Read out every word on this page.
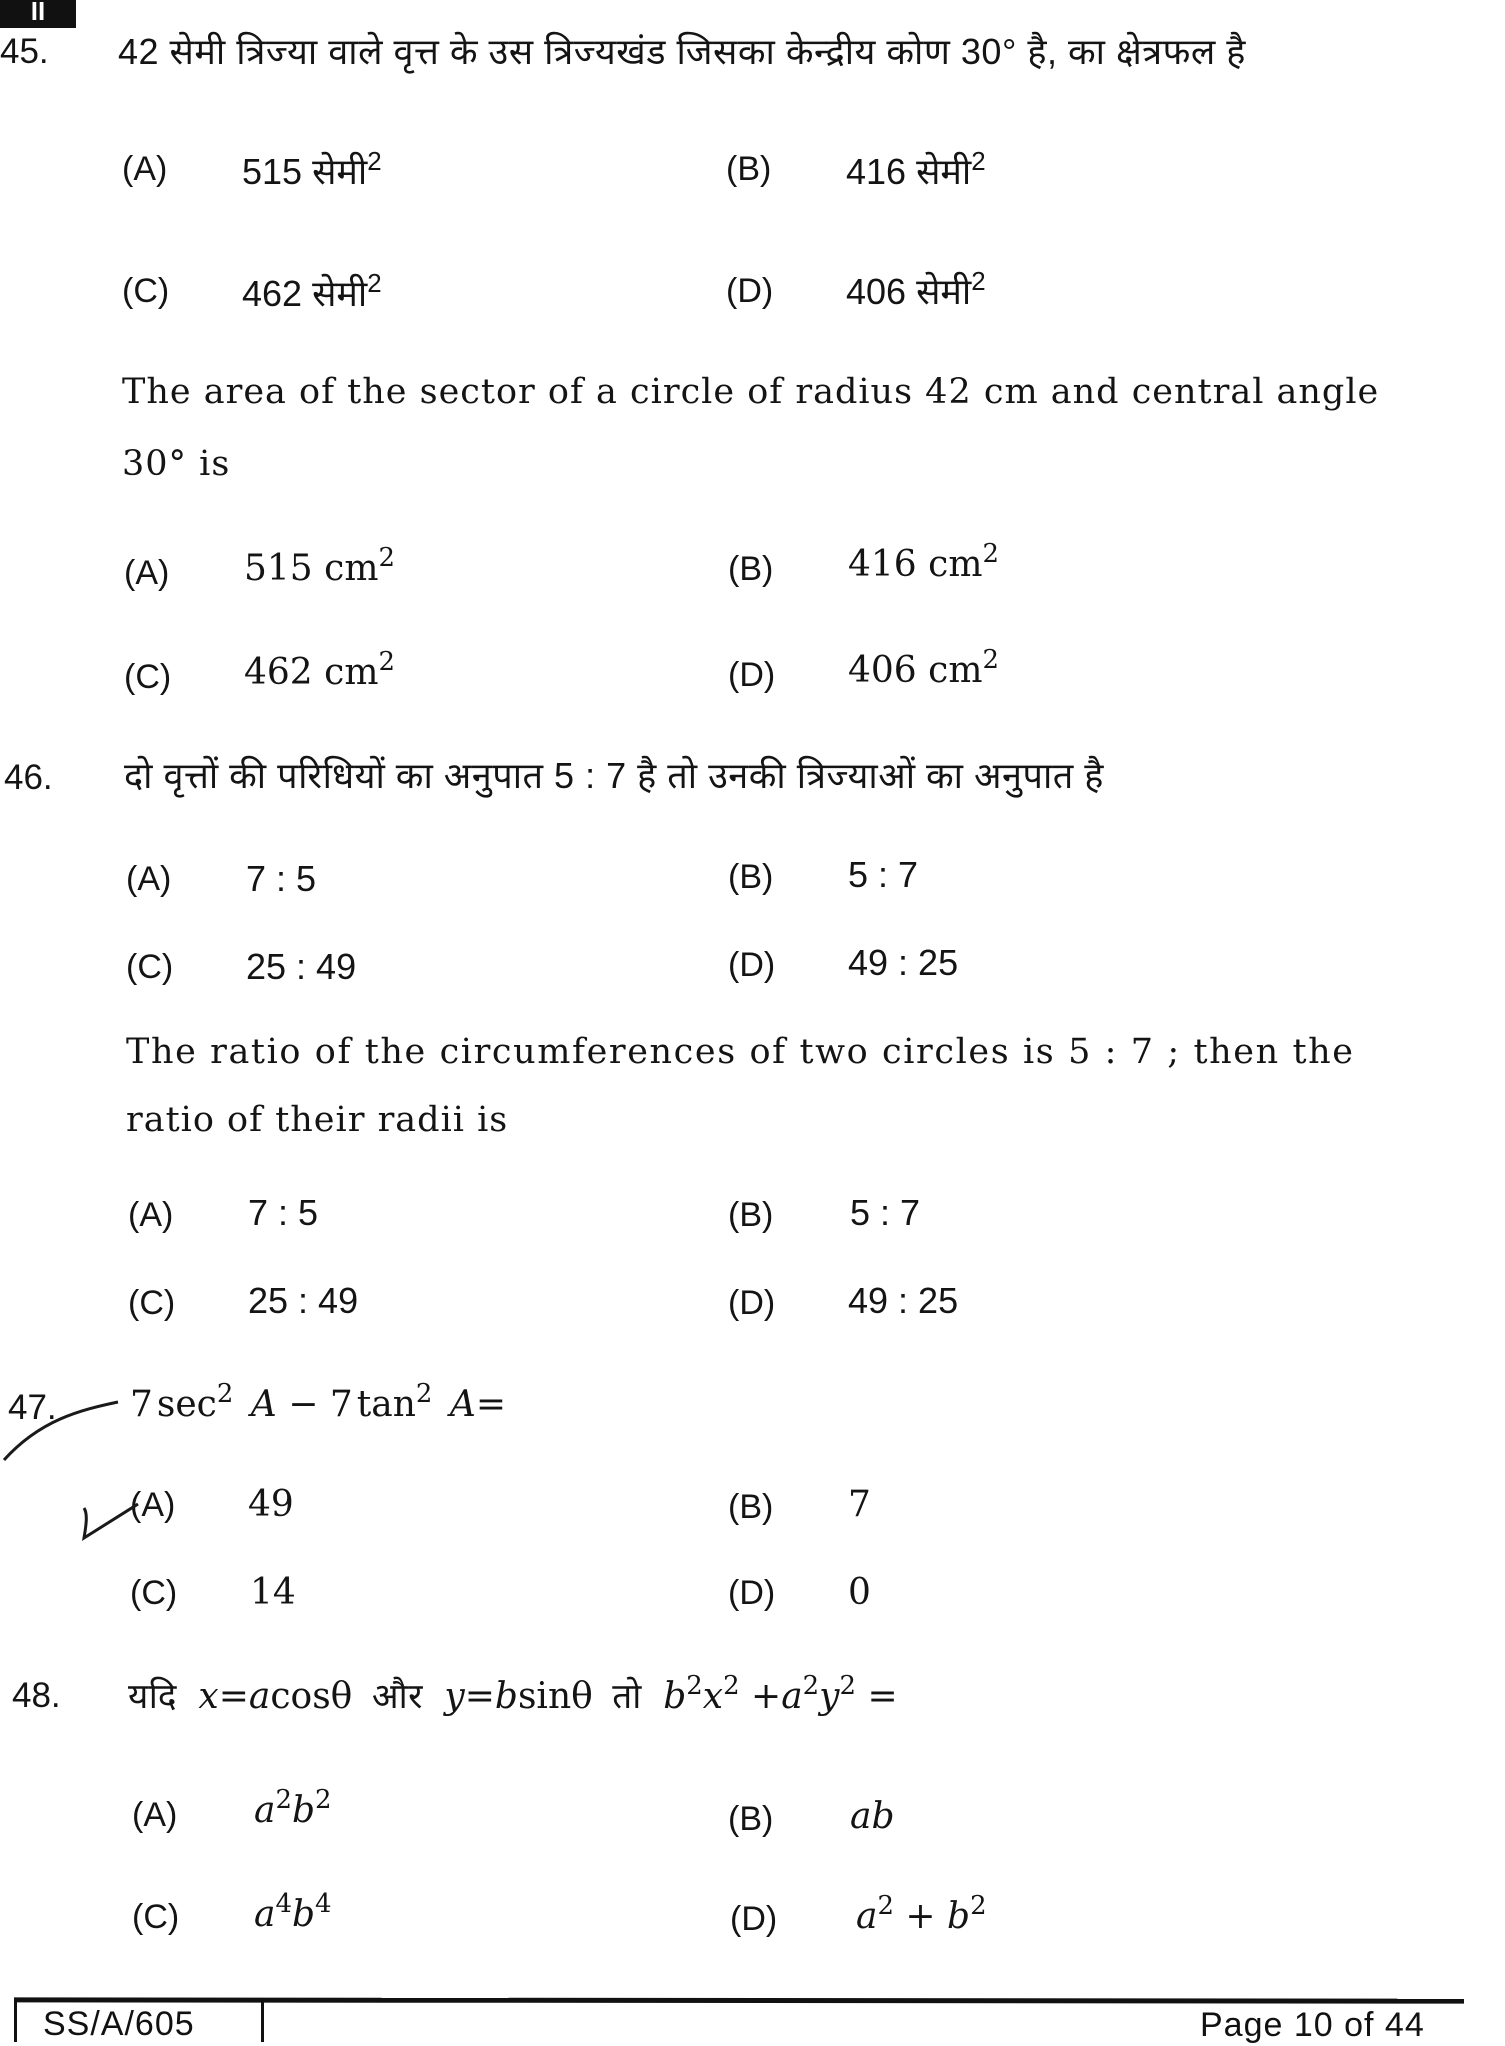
II
45. 42 सेमी त्रिज्या वाले वृत्त के उस त्रिज्यखंड जिसका केन्द्रीय कोण 30° है, का क्षेत्रफल है
(A) 515 सेमी$^2$	(B) 416 सेमी$^2$
(C) 462 सेमी$^2$	(D) 406 सेमी$^2$
The area of the sector of a circle of radius 42 cm and central angle
30° is
(A) 515 $cm^2$	(B) 416 $cm^2$
(C) 462 $cm^2$	(D) 406 $cm^2$
46. दो वृत्तों की परिधियों का अनुपात 5 : 7 है तो उनकी त्रिज्याओं का अनुपात है
(A) 7 : 5	(B) 5 : 7
(C) 25 : 49	(D) 49 : 25
The ratio of the circumferences of two circles is 5 : 7 ; then the
ratio of their radii is
(A) 7 : 5	(B) 5 : 7
(C) 25 : 49	(D) 49 : 25
47. 7 $\sec^2 A - 7$ $\tan^2 A=$
(A) 49	(B) 7
(C) 14	(D) 0
48. यदि x=acosθ और y=bsinθ तो $b^2x^2 +a^2y^2$ =
(A) $a^2b^2$
(B) ab
(C) $a^4b^4$	(D) $a^2 + b^2$
SS/A/605	Page 10 of 44
